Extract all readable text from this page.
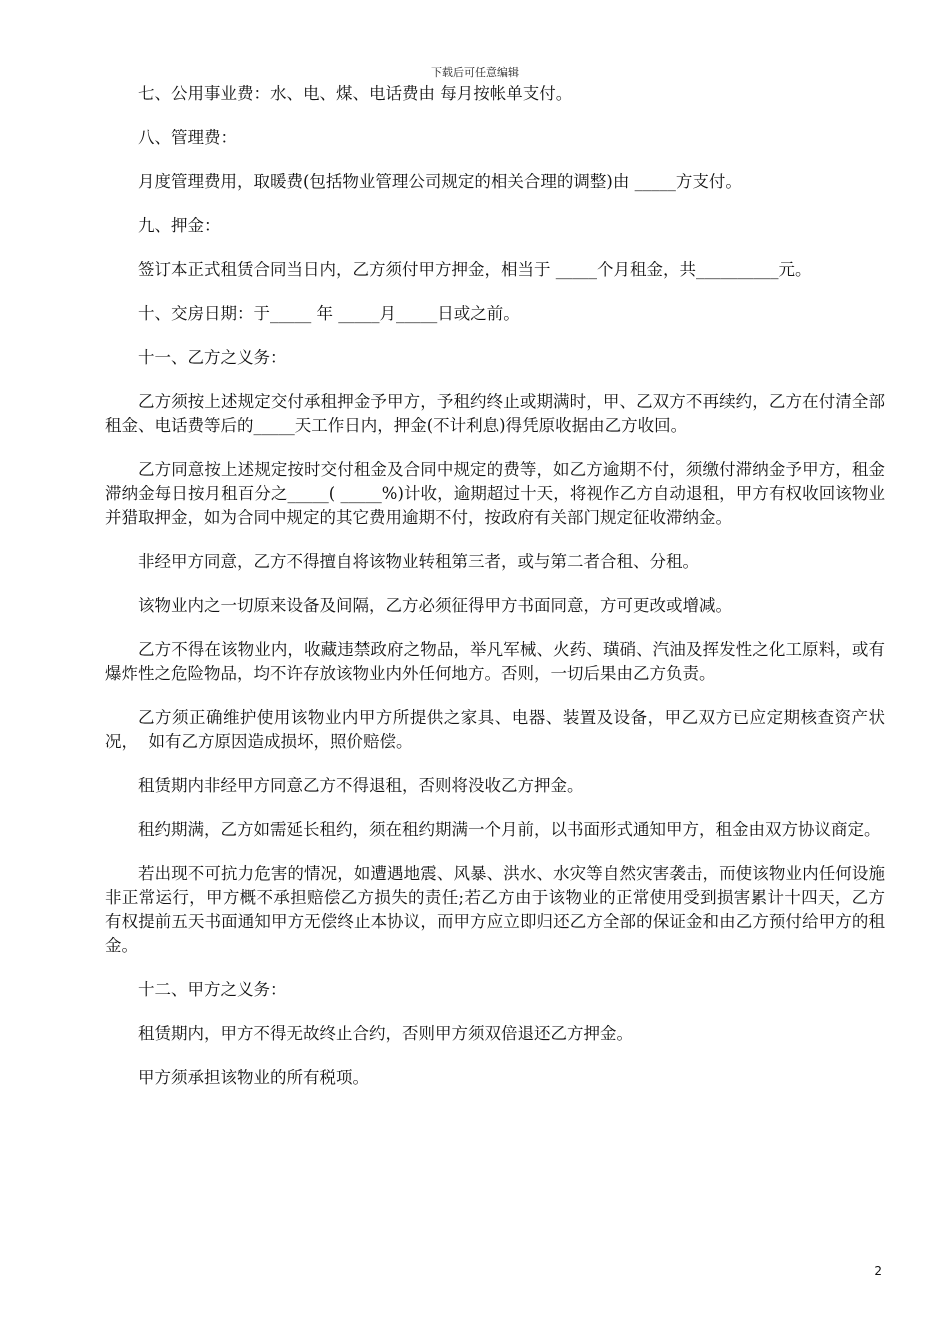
下载后可任意编辑

七、公用事业费：水、电、煤、电话费由 每月按帐单支付。

八、管理费：

月度管理费用，取暖费(包括物业管理公司规定的相关合理的调整)由 _____方支付。

九、押金：

签订本正式租赁合同当日内，乙方须付甲方押金，相当于 _____个月租金，共__________元。

十、交房日期：于_____ 年 _____月_____日或之前。

十一、乙方之义务：

乙方须按上述规定交付承租押金予甲方，予租约终止或期满时，甲、乙双方不再续约，乙方在付清全部租金、电话费等后的_____天工作日内，押金(不计利息)得凭原收据由乙方收回。

乙方同意按上述规定按时交付租金及合同中规定的费等，如乙方逾期不付，须缴付滞纳金予甲方，租金滞纳金每日按月租百分之_____( _____%)计收，逾期超过十天，将视作乙方自动退租，甲方有权收回该物业并猎取押金，如为合同中规定的其它费用逾期不付，按政府有关部门规定征收滞纳金。

非经甲方同意，乙方不得擅自将该物业转租第三者，或与第二者合租、分租。

该物业内之一切原来设备及间隔，乙方必须征得甲方书面同意，方可更改或增减。

乙方不得在该物业内，收藏违禁政府之物品，举凡军械、火药、璜硝、汽油及挥发性之化工原料，或有爆炸性之危险物品，均不许存放该物业内外任何地方。否则，一切后果由乙方负责。

乙方须正确维护使用该物业内甲方所提供之家具、电器、装置及设备，甲乙双方已应定期核查资产状况，  如有乙方原因造成损坏，照价赔偿。

租赁期内非经甲方同意乙方不得退租，否则将没收乙方押金。

租约期满，乙方如需延长租约，须在租约期满一个月前，以书面形式通知甲方，租金由双方协议商定。

若出现不可抗力危害的情况，如遭遇地震、风暴、洪水、水灾等自然灾害袭击，而使该物业内任何设施非正常运行，甲方概不承担赔偿乙方损失的责任;若乙方由于该物业的正常使用受到损害累计十四天，乙方有权提前五天书面通知甲方无偿终止本协议，而甲方应立即归还乙方全部的保证金和由乙方预付给甲方的租金。

十二、甲方之义务：

租赁期内，甲方不得无故终止合约，否则甲方须双倍退还乙方押金。

甲方须承担该物业的所有税项。

2
